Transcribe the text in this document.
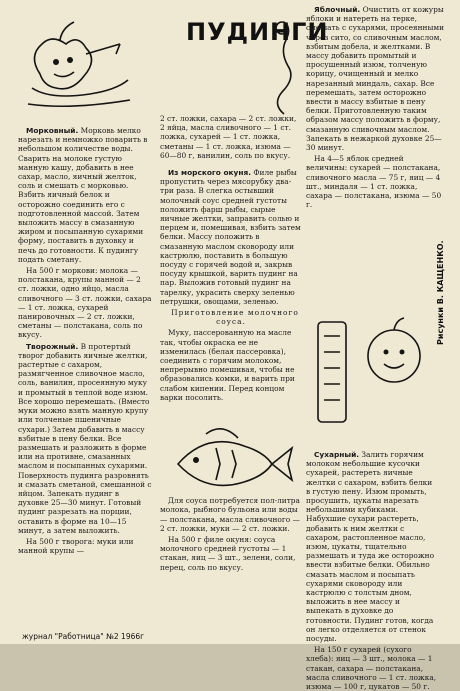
ПУДИНГИ

Морковный. Морковь мелко нарезать и немножко поварить в небольшом количестве воды. Сварить на молоке густую манную кашу, добавить в нее сахар, масло, яичный желток, соль и смешать с морковью. Взбить яичный белок и осторожно соединить его с подготовленной массой. Затем выложить массу в смазанную жиром и посыпанную сухарями форму, поставить в духовку и печь до готовности. К пудингу подать сметану.

На 500 г моркови: молока — полстакана, крупы манной — 2 ст. ложки, одно яйцо, масла сливочного — 3 ст. ложки, сахара — 1 ст. ложка, сухарей панировочных — 2 ст. ложки, сметаны — полстакана, соль по вкусу.

Творожный. В протертый творог добавить яичные желтки, растертые с сахаром, размягченное сливочное масло, соль, ванилин, просеянную муку и промытый в теплой воде изюм. Все хорошо перемешать. (Вместо муки можно взять манную крупу или толченые пшеничные сухари.) Затем добавить в массу взбитые в пену белки. Все размешать и разложить в форме или на противне, смазанных маслом и посыпанных сухарями. Поверхность пудинга разровнять и смазать сметаной, смешанной с яйцом. Запекать пудинг в духовке 25—30 минут. Готовый пудинг разрезать на порции, оставить в форме на 10—15 минут, а затем выложить.

На 500 г творога: муки или манной крупы —

2 ст. ложки, сахара — 2 ст. ложки, 2 яйца, масла сливочного — 1 ст. ложка, сухарей — 1 ст. ложка, сметаны — 1 ст. ложка, изюма — 60—80 г, ванилин, соль по вкусу.

Из морского окуня. Филе рыбы пропустить через мясорубку два-три раза. В слегка остывший молочный соус средней густоты положить фарш рыбы, сырые яичные желтки, заправить солью и перцем и, помешивая, взбить затем белки. Массу положить в смазанную маслом сковороду или кастрюлю, поставить в большую посуду с горячей водой и, закрыв посуду крышкой, варить пудинг на пар. Выложив готовый пудинг на тарелку, украсить сверху зеленью петрушки, овощами, зеленью.

Приготовление молочного соуса.

Муку, пассерованную на масле так, чтобы окраска ее не изменилась (белая пассеровка), соединить с горячим молоком, непрерывно помешивая, чтобы не образовались комки, и варить при слабом кипении. Перед концом варки посолить.

Для соуса потребуется пол-литра молока, рыбного бульона или воды — полстакана, масла сливочного — 2 ст. ложки, муки — 2 ст. ложки.

На 500 г филе окуня: соуса молочного средней густоты — 1 стакан, яиц — 3 шт., зелени, соли, перец, соль по вкусу.

Яблочный. Очистить от кожуры яблоки и натереть на терке, смешать с сухарями, просеянными через сито, со сливочным маслом, взбитым добела, и желтками. В массу добавить промытый и просушенный изюм, толченую корицу, очищенный и мелко нарезанный миндаль, сахар. Все перемешать, затем осторожно ввести в массу взбитые в пену белки. Приготовленную таким образом массу положить в форму, смазанную сливочным маслом. Запекать в нежаркой духовке 25—30 минут.

На 4—5 яблок средней величины: сухарей — полстакана, сливочного масла — 75 г, яиц — 4 шт., миндаля — 1 ст. ложка, сахара — полстакана, изюма — 50 г.

Рисунки В. КАЩЕНКО.

Сухарный. Залить горячим молоком небольшие кусочки сухарей, растереть яичные желтки с сахаром, взбить белки в густую пену. Изюм промыть, просушить, цукаты нарезать небольшими кубиками. Набухшие сухари растереть, добавить к ним желтки с сахаром, растопленное масло, изюм, цукаты, тщательно размешать и туда же осторожно ввести взбитые белки. Обильно смазать маслом и посыпать сухарями сковороду или кастрюлю с толстым дном, выложить в нее массу и выпекать в духовке до готовности. Пудинг готов, когда он легко отделяется от стенок посуды.

На 150 г сухарей (сухого хлеба): яиц — 3 шт., молока — 1 стакан, сахара — полстакана, масла сливочного — 1 ст. ложка, изюма — 100 г, цукатов — 50 г.

журнал "Работница" №2 1966г
